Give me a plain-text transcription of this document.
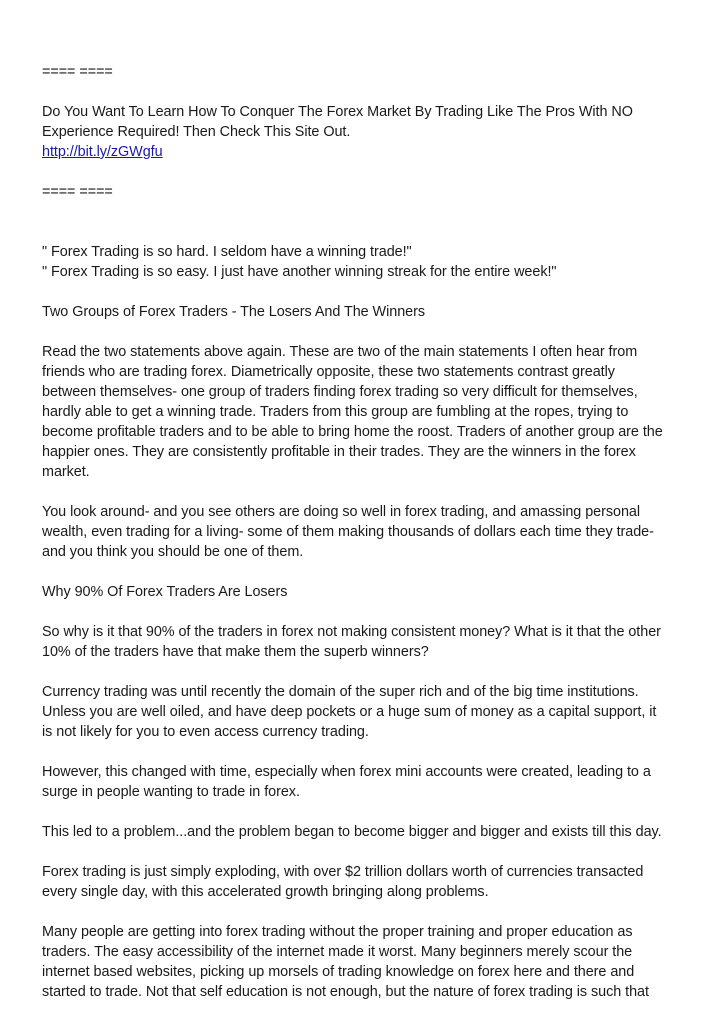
==== ====

Do You Want To Learn How To Conquer The Forex Market By Trading Like The Pros With NO
Experience Required! Then Check This Site Out.
http://bit.ly/zGWgfu

==== ====

" Forex Trading is so hard. I seldom have a winning trade!"
" Forex Trading is so easy. I just have another winning streak for the entire week!"

Two Groups of Forex Traders - The Losers And The Winners

Read the two statements above again. These are two of the main statements I often hear from
friends who are trading forex. Diametrically opposite, these two statements contrast greatly
between themselves- one group of traders finding forex trading so very difficult for themselves,
hardly able to get a winning trade. Traders from this group are fumbling at the ropes, trying to
become profitable traders and to be able to bring home the roost. Traders of another group are the
happier ones. They are consistently profitable in their trades. They are the winners in the forex
market.
You look around- and you see others are doing so well in forex trading, and amassing personal
wealth, even trading for a living- some of them making thousands of dollars each time they trade-
and you think you should be one of them.

Why 90% Of Forex Traders Are Losers

So why is it that 90% of the traders in forex not making consistent money? What is it that the other
10% of the traders have that make them the superb winners?
Currency trading was until recently the domain of the super rich and of the big time institutions.
Unless you are well oiled, and have deep pockets or a huge sum of money as a capital support, it
is not likely for you to even access currency trading.
However, this changed with time, especially when forex mini accounts were created, leading to a
surge in people wanting to trade in forex.
This led to a problem...and the problem began to become bigger and bigger and exists till this day.
Forex trading is just simply exploding, with over $2 trillion dollars worth of currencies transacted
every single day, with this accelerated growth bringing along problems.
Many people are getting into forex trading without the proper training and proper education as
traders. The easy accessibility of the internet made it worst. Many beginners merely scour the
internet based websites, picking up morsels of trading knowledge on forex here and there and
started to trade. Not that self education is not enough, but the nature of forex trading is such that
